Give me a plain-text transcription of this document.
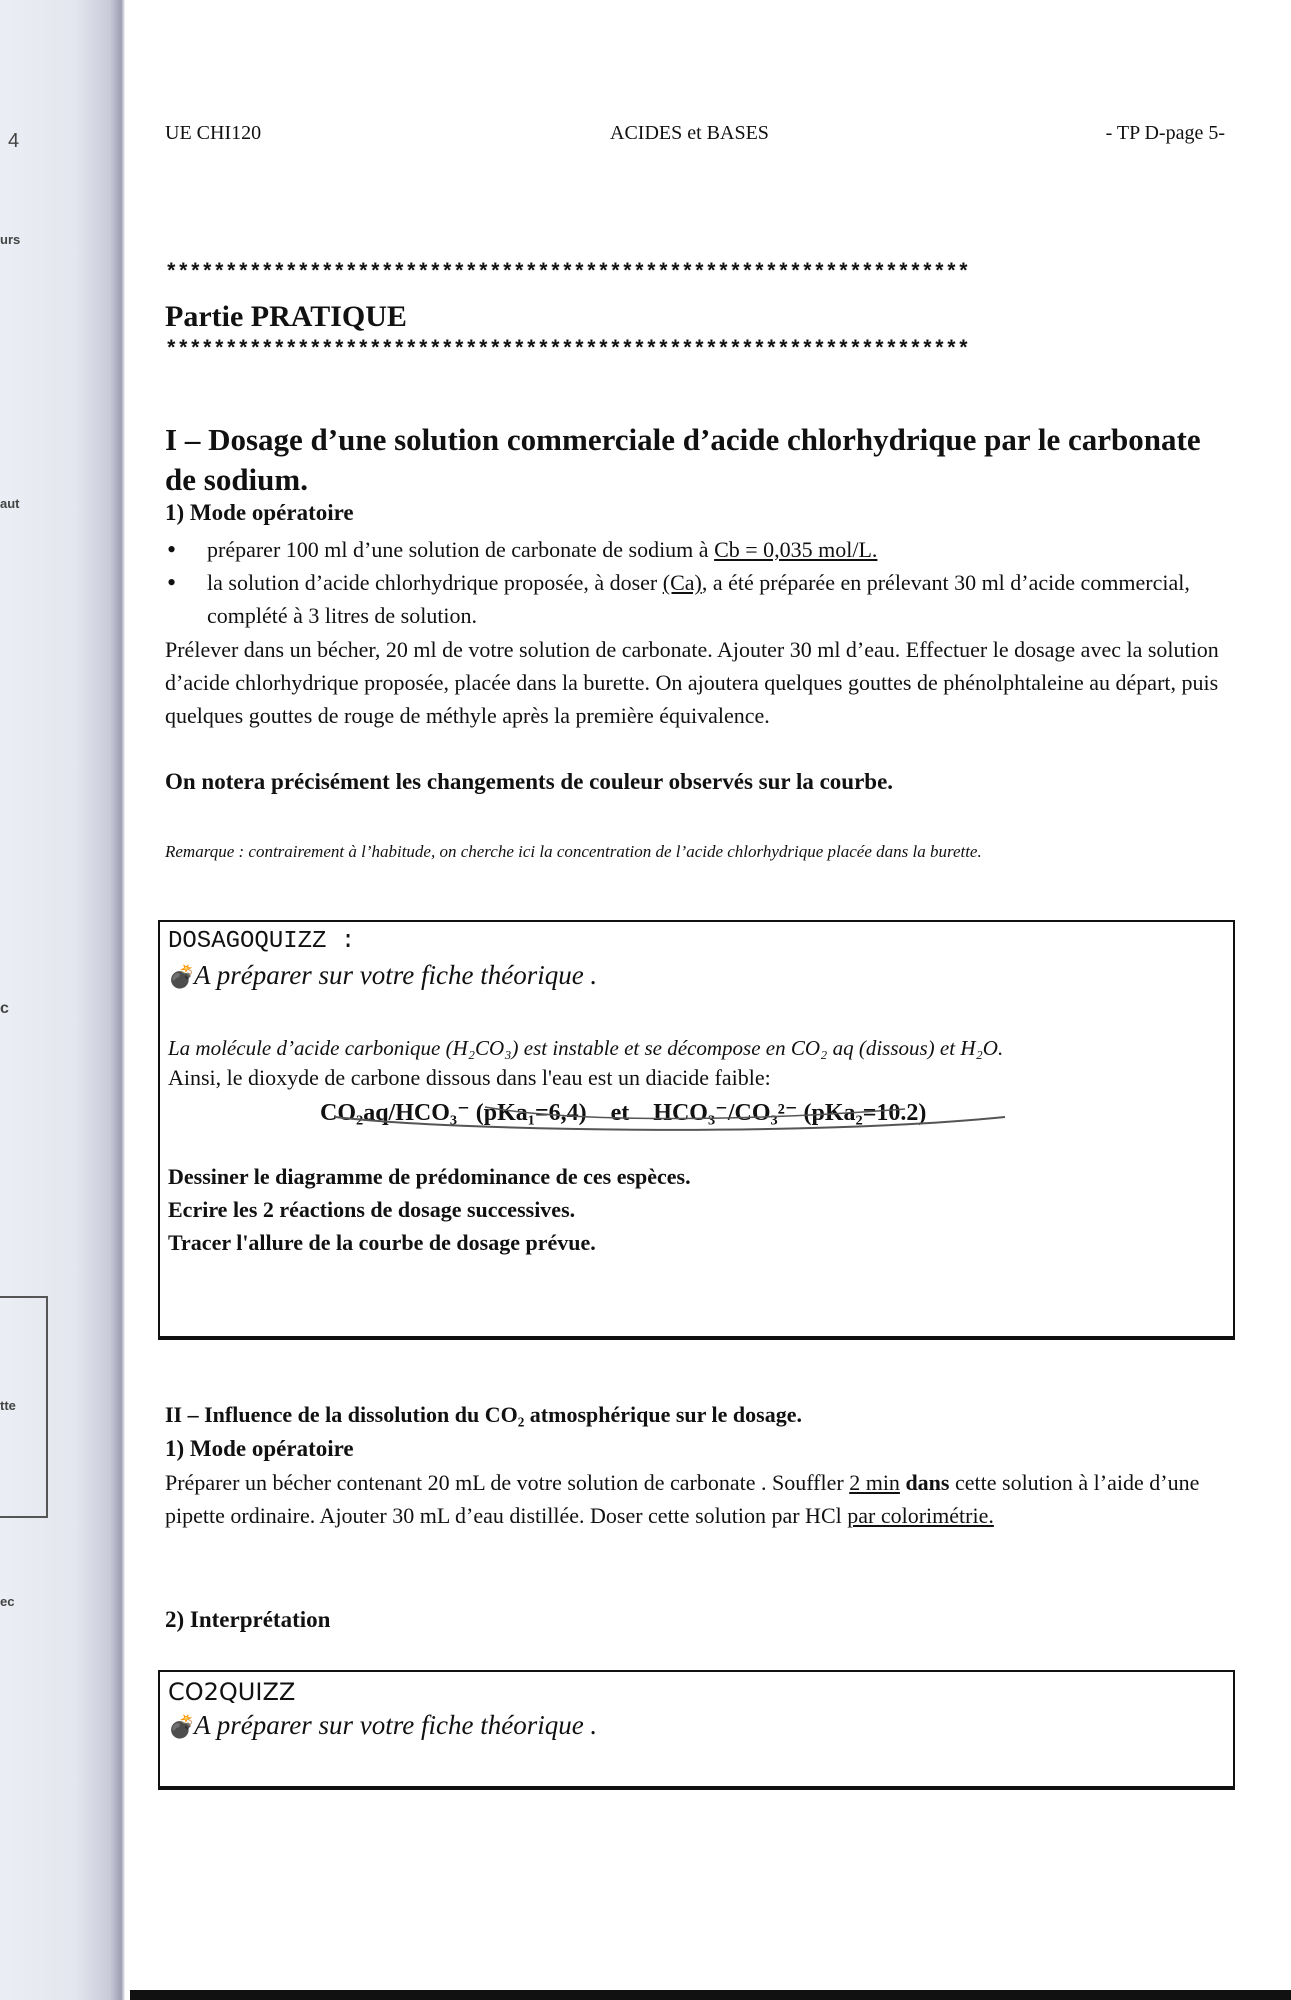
4
urs
aut
c
tte
ec
UE CHI120	ACIDES et BASES	- TP D-page 5-
*******************************************************************
Partie PRATIQUE
*******************************************************************
I – Dosage d’une solution commerciale d’acide chlorhydrique par le carbonate de sodium.
1) Mode opératoire
• préparer 100 ml d’une solution de carbonate de sodium à Cb = 0,035 mol/L.
• la solution d’acide chlorhydrique proposée, à doser (Ca), a été préparée en prélevant 30 ml d’acide commercial, complété à 3 litres de solution.
Prélever dans un bécher, 20 ml de votre solution de carbonate. Ajouter 30 ml d’eau. Effectuer le dosage avec la solution d’acide chlorhydrique proposée, placée dans la burette. On ajoutera quelques gouttes de phénolphtaleine au départ, puis quelques gouttes de rouge de méthyle après la première équivalence.
On notera précisément les changements de couleur observés sur la courbe.
Remarque : contrairement à l’habitude, on cherche ici la concentration de l’acide chlorhydrique placée dans la burette.
DOSAGOQUIZZ :
💣A préparer sur votre fiche théorique .
La molécule d’acide carbonique (H₂CO₃) est instable et se décompose en CO₂ aq (dissous) et H₂O.
Ainsi, le dioxyde de carbone dissous dans l'eau est un diacide faible:
CO₂aq/HCO₃⁻ (pKa₁=6,4) et HCO₃⁻/CO₃²⁻ (pKa₂=10.2)
Dessiner le diagramme de prédominance de ces espèces.
Ecrire les 2 réactions de dosage successives.
Tracer l'allure de la courbe de dosage prévue.
II – Influence de la dissolution du CO₂ atmosphérique sur le dosage.
1) Mode opératoire
Préparer un bécher contenant 20 mL de votre solution de carbonate . Souffler 2 min dans cette solution à l’aide d’une pipette ordinaire. Ajouter 30 mL d’eau distillée. Doser cette solution par HCl par colorimétrie.
2) Interprétation
CO2QUIZZ
💣A préparer sur votre fiche théorique .
